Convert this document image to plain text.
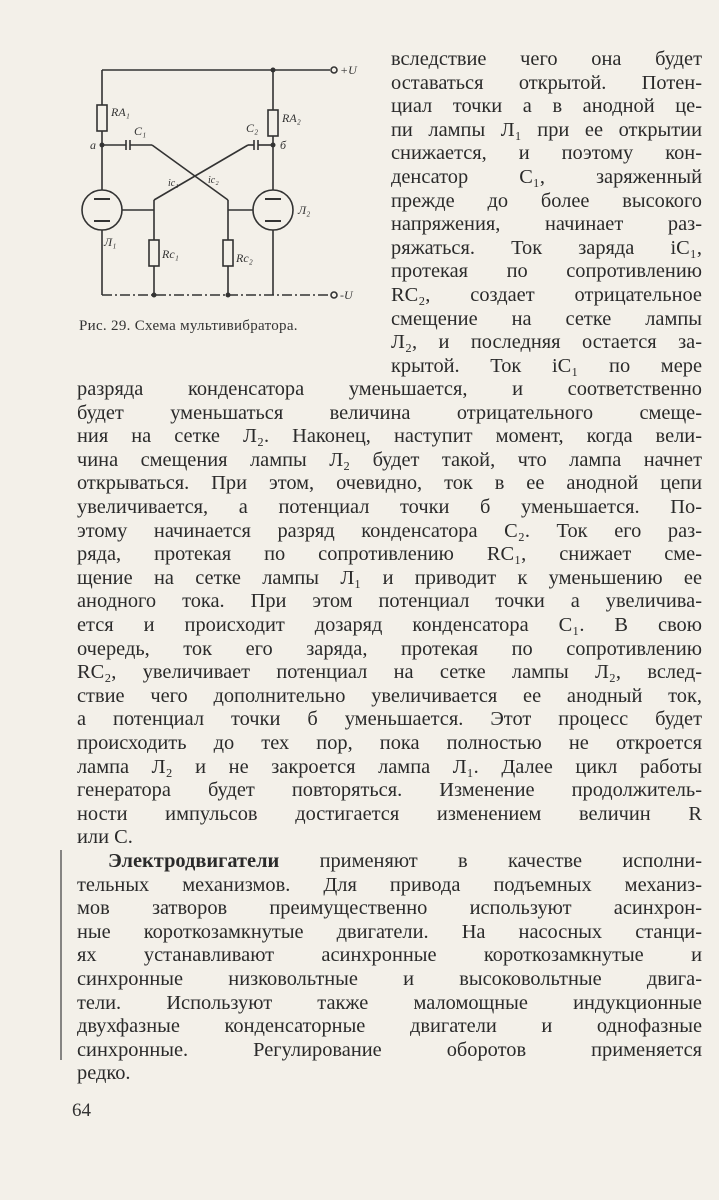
+U
-U
RA₁	RA₂
C₁	C₂
a	б
Л₁
Л₂
Rc₁	Rc₂
ic₁	ic₂
Рис. 29. Схема мультивибратора.
вследствие чего она будет
оставаться открытой. Потен-
циал точки a в анодной це-
пи лампы Л₁ при ее открытии
снижается, и поэтому кон-
денсатор C₁, заряженный
прежде до более высокого
напряжения, начинает раз-
ряжаться. Ток заряда iC₁,
протекая по сопротивлению
RC₂, создает отрицательное
смещение на сетке лампы
Л₂, и последняя остается за-
крытой. Ток iC₁ по мере
разряда конденсатора уменьшается, и соответственно
будет уменьшаться величина отрицательного смеще-
ния на сетке Л₂. Наконец, наступит момент, когда вели-
чина смещения лампы Л₂ будет такой, что лампа начнет
открываться. При этом, очевидно, ток в ее анодной цепи
увеличивается, а потенциал точки б уменьшается. По-
этому начинается разряд конденсатора C₂. Ток его раз-
ряда, протекая по сопротивлению RC₁, снижает сме-
щение на сетке лампы Л₁ и приводит к уменьшению ее
анодного тока. При этом потенциал точки a увеличива-
ется и происходит дозаряд конденсатора C₁. В свою
очередь, ток его заряда, протекая по сопротивлению
RC₂, увеличивает потенциал на сетке лампы Л₂, вслед-
ствие чего дополнительно увеличивается ее анодный ток,
а потенциал точки б уменьшается. Этот процесс будет
происходить до тех пор, пока полностью не откроется
лампа Л₂ и не закроется лампа Л₁. Далее цикл работы
генератора будет повторяться. Изменение продолжитель-
ности импульсов достигается изменением величин R
или C.
Электродвигатели применяют в качестве исполни-
тельных механизмов. Для привода подъемных механиз-
мов затворов преимущественно используют асинхрон-
ные короткозамкнутые двигатели. На насосных станци-
ях устанавливают асинхронные короткозамкнутые и
синхронные низковольтные и высоковольтные двига-
тели. Используют также маломощные индукционные
двухфазные конденсаторные двигатели и однофазные
синхронные. Регулирование оборотов применяется
редко.
64
